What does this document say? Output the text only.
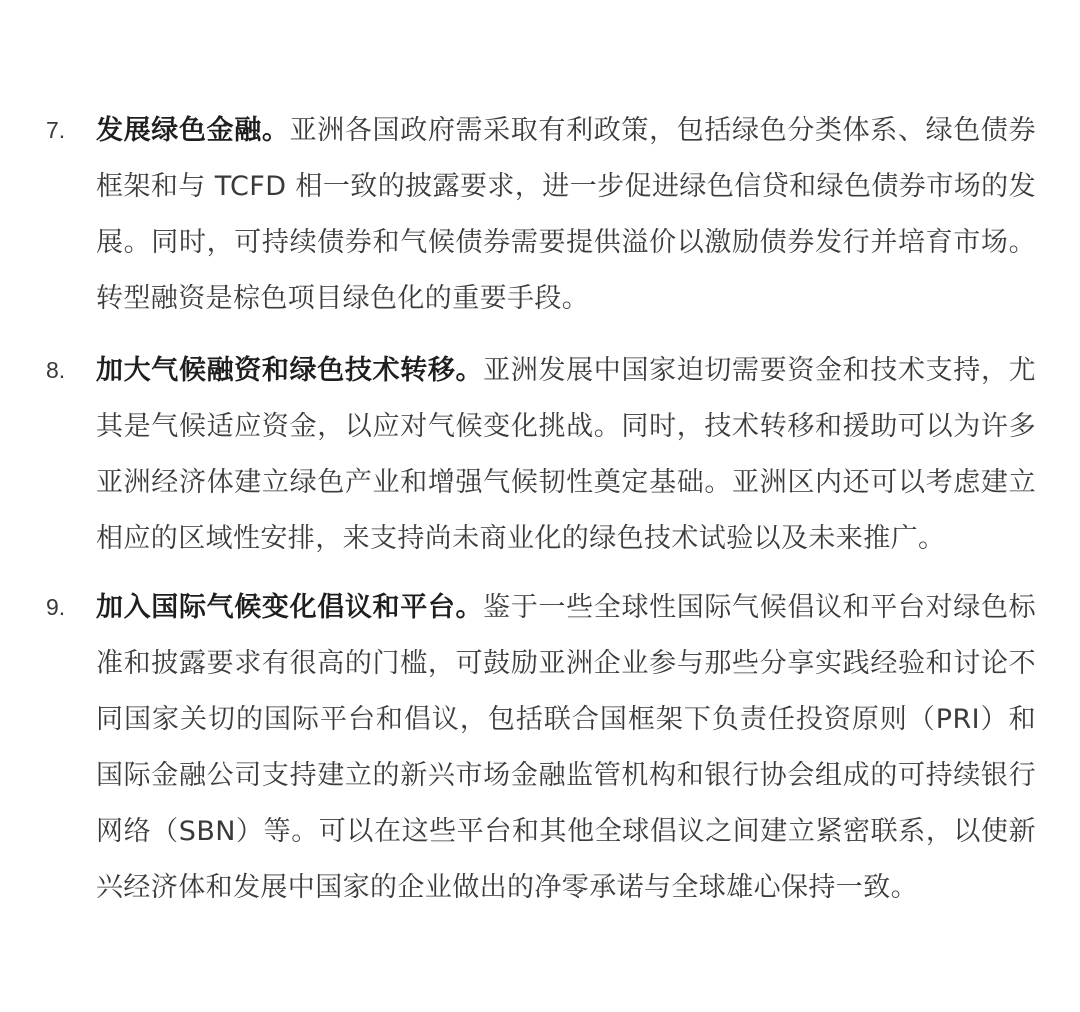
7. 发展绿色金融。亚洲各国政府需采取有利政策，包括绿色分类体系、绿色债券框架和与 TCFD 相一致的披露要求，进一步促进绿色信贷和绿色债券市场的发展。同时，可持续债券和气候债券需要提供溢价以激励债券发行并培育市场。转型融资是棕色项目绿色化的重要手段。

8. 加大气候融资和绿色技术转移。亚洲发展中国家迫切需要资金和技术支持，尤其是气候适应资金，以应对气候变化挑战。同时，技术转移和援助可以为许多亚洲经济体建立绿色产业和增强气候韧性奠定基础。亚洲区内还可以考虑建立相应的区域性安排，来支持尚未商业化的绿色技术试验以及未来推广。

9. 加入国际气候变化倡议和平台。鉴于一些全球性国际气候倡议和平台对绿色标准和披露要求有很高的门槛，可鼓励亚洲企业参与那些分享实践经验和讨论不同国家关切的国际平台和倡议，包括联合国框架下负责任投资原则（PRI）和国际金融公司支持建立的新兴市场金融监管机构和银行协会组成的可持续银行网络（SBN）等。可以在这些平台和其他全球倡议之间建立紧密联系，以使新兴经济体和发展中国家的企业做出的净零承诺与全球雄心保持一致。
